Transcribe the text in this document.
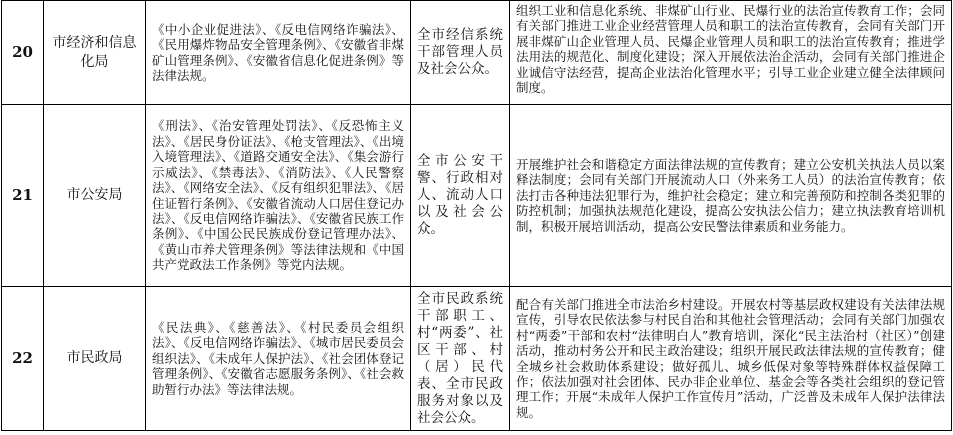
20	市经济和信息化局	《中小企业促进法》、《反电信网络诈骗法》、《民用爆炸物品安全管理条例》、《安徽省非煤矿山管理条例》、《安徽省信息化促进条例》等法律法规。	全市经信系统干部管理人员及社会公众。	组织工业和信息化系统、非煤矿山行业、民爆行业的法治宣传教育工作；会同有关部门推进工业企业经营管理人员和职工的法治宣传教育，会同有关部门开展非煤矿山企业管理人员、民爆企业管理人员和职工的法治宣传教育；推进学法用法的规范化、制度化建设；深入开展依法治企活动，会同有关部门推进企业诚信守法经营，提高企业法治化管理水平；引导工业企业建立健全法律顾问制度。
21	市公安局	《刑法》、《治安管理处罚法》、《反恐怖主义法》、《居民身份证法》、《枪支管理法》、《出境入境管理法》、《道路交通安全法》、《集会游行示威法》、《禁毒法》、《消防法》、《人民警察法》、《网络安全法》、《反有组织犯罪法》、《居住证暂行条例》、《安徽省流动人口居住登记办法》、《反电信网络诈骗法》、《安徽省民族工作条例》、《中国公民民族成份登记管理办法》、《黄山市养犬管理条例》等法律法规和《中国共产党政法工作条例》等党内法规。	全市公安干警、行政相对人、流动人口以及社会公众。	开展维护社会和谐稳定方面法律法规的宣传教育；建立公安机关执法人员以案释法制度；会同有关部门开展流动人口（外来务工人员）的法治宣传教育；依法打击各种违法犯罪行为，维护社会稳定；建立和完善预防和控制各类犯罪的防控机制；加强执法规范化建设，提高公安执法公信力；建立执法教育培训机制，积极开展培训活动，提高公安民警法律素质和业务能力。
22	市民政局	《民法典》、《慈善法》、《村民委员会组织法》、《反电信网络诈骗法》、《城市居民委员会组织法》、《未成年人保护法》、《社会团体登记管理条例》、《安徽省志愿服务条例》、《社会救助暂行办法》等法律法规。	全市民政系统干部职工、村“两委”、社区干部、村（居）民代表、全市民政服务对象以及社会公众。	配合有关部门推进全市法治乡村建设。开展农村等基层政权建设有关法律法规宣传，引导农民依法参与村民自治和其他社会管理活动；会同有关部门加强农村“两委”干部和农村“法律明白人”教育培训，深化“民主法治村（社区）”创建活动，推动村务公开和民主政治建设；组织开展民政法律法规的宣传教育；健全城乡社会救助体系建设；做好孤儿、城乡低保对象等特殊群体权益保障工作；依法加强对社会团体、民办非企业单位、基金会等各类社会组织的登记管理工作；开展“未成年人保护工作宣传月”活动，广泛普及未成年人保护法律法规。
